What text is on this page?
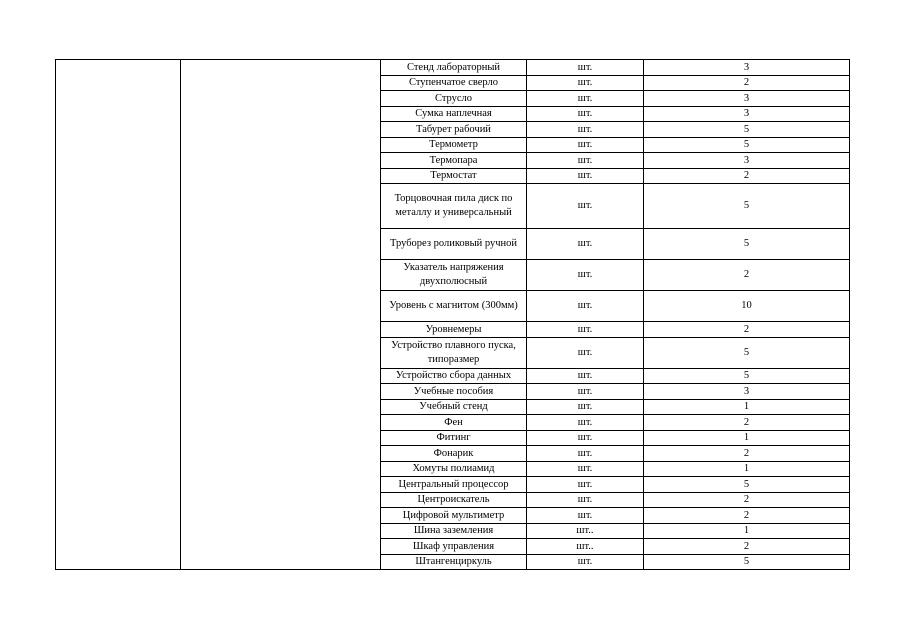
		Стенд лабораторный	шт.	3	
		Ступенчатое сверло	шт.	2	
		Струсло	шт.	3	
		Сумка наплечная	шт.	3	
		Табурет рабочий	шт.	5	
		Термометр	шт.	5	
		Термопара	шт.	3	
		Термостат	шт.	2	
		Торцовочная пила диск по металлу и универсальный	шт.	5	
		Труборез роликовый ручной	шт.	5	
		Указатель напряжения двухполюсный	шт.	2	
		Уровень с магнитом (300мм)	шт.	10	
		Уровнемеры	шт.	2	
		Устройство плавного пуска, типоразмер	шт.	5	
		Устройство сбора данных	шт.	5	
		Учебные пособия	шт.	3	
		Учебный стенд	шт.	1	
		Фен	шт.	2	
		Фитинг	шт.	1	
		Фонарик	шт.	2	
		Хомуты полиамид	шт.	1	
		Центральный процессор	шт.	5	
		Центроискатель	шт.	2	
		Цифровой мультиметр	шт.	2	
		Шина заземления	шт..	1	
		Шкаф управления	шт..	2	
		Штангенциркуль	шт.	5	
